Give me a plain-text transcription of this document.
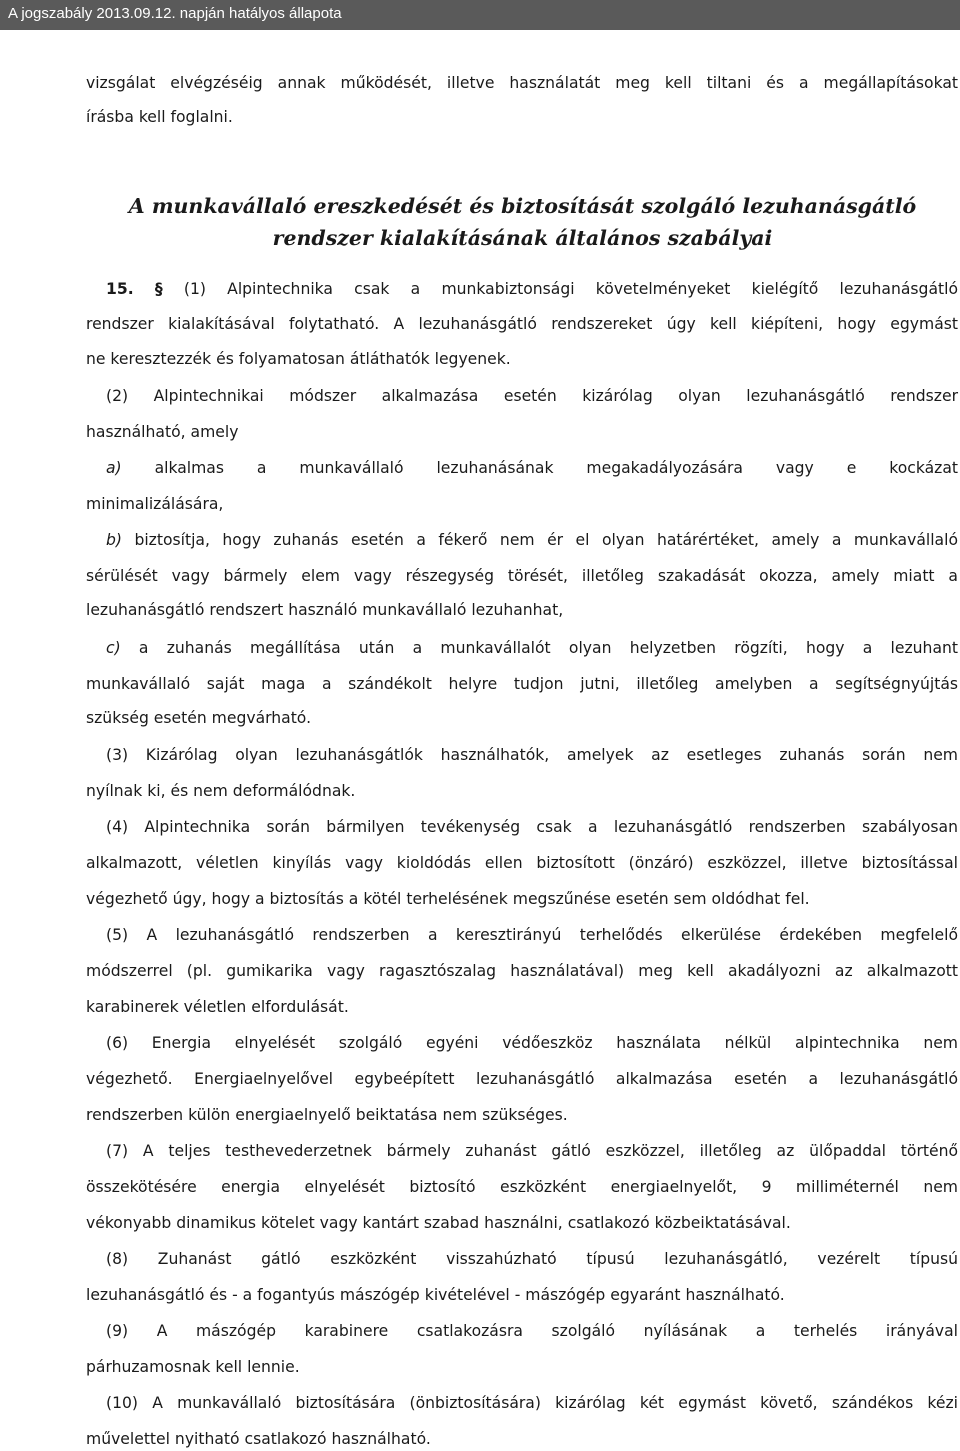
A jogszabály 2013.09.12. napján hatályos állapota
vizsgálat elvégzéséig annak működését, illetve használatát meg kell tiltani és a megállapításokat
írásba kell foglalni.
A munkavállaló ereszkedését és biztosítását szolgáló lezuhanásgátló
rendszer kialakításának általános szabályai
15. § (1) Alpintechnika csak a munkabiztonsági követelményeket kielégítő lezuhanásgátló
rendszer kialakításával folytatható. A lezuhanásgátló rendszereket úgy kell kiépíteni, hogy egymást
ne keresztezzék és folyamatosan átláthatók legyenek.
(2) Alpintechnikai módszer alkalmazása esetén kizárólag olyan lezuhanásgátló rendszer
használható, amely
a) alkalmas a munkavállaló lezuhanásának megakadályozására vagy e kockázat
minimalizálására,
b) biztosítja, hogy zuhanás esetén a fékerő nem ér el olyan határértéket, amely a munkavállaló
sérülését vagy bármely elem vagy részegység törését, illetőleg szakadását okozza, amely miatt a
lezuhanásgátló rendszert használó munkavállaló lezuhanhat,
c) a zuhanás megállítása után a munkavállalót olyan helyzetben rögzíti, hogy a lezuhant
munkavállaló saját maga a szándékolt helyre tudjon jutni, illetőleg amelyben a segítségnyújtás
szükség esetén megvárható.
(3) Kizárólag olyan lezuhanásgátlók használhatók, amelyek az esetleges zuhanás során nem
nyílnak ki, és nem deformálódnak.
(4) Alpintechnika során bármilyen tevékenység csak a lezuhanásgátló rendszerben szabályosan
alkalmazott, véletlen kinyílás vagy kioldódás ellen biztosított (önzáró) eszközzel, illetve biztosítással
végezhető úgy, hogy a biztosítás a kötél terhelésének megszűnése esetén sem oldódhat fel.
(5) A lezuhanásgátló rendszerben a keresztirányú terhelődés elkerülése érdekében megfelelő
módszerrel (pl. gumikarika vagy ragasztószalag használatával) meg kell akadályozni az alkalmazott
karabinerek véletlen elfordulását.
(6) Energia elnyelését szolgáló egyéni védőeszköz használata nélkül alpintechnika nem
végezhető. Energiaelnyelővel egybeépített lezuhanásgátló alkalmazása esetén a lezuhanásgátló
rendszerben külön energiaelnyelő beiktatása nem szükséges.
(7) A teljes testhevederzetnek bármely zuhanást gátló eszközzel, illetőleg az ülőpaddal történő
összekötésére energia elnyelését biztosító eszközként energiaelnyelőt, 9 milliméternél nem
vékonyabb dinamikus kötelet vagy kantárt szabad használni, csatlakozó közbeiktatásával.
(8) Zuhanást gátló eszközként visszahúzható típusú lezuhanásgátló, vezérelt típusú
lezuhanásgátló és - a fogantyús mászógép kivételével - mászógép egyaránt használható.
(9) A mászógép karabinere csatlakozásra szolgáló nyílásának a terhelés irányával
párhuzamosnak kell lennie.
(10) A munkavállaló biztosítására (önbiztosítására) kizárólag két egymást követő, szándékos kézi
művelettel nyitható csatlakozó használható.
